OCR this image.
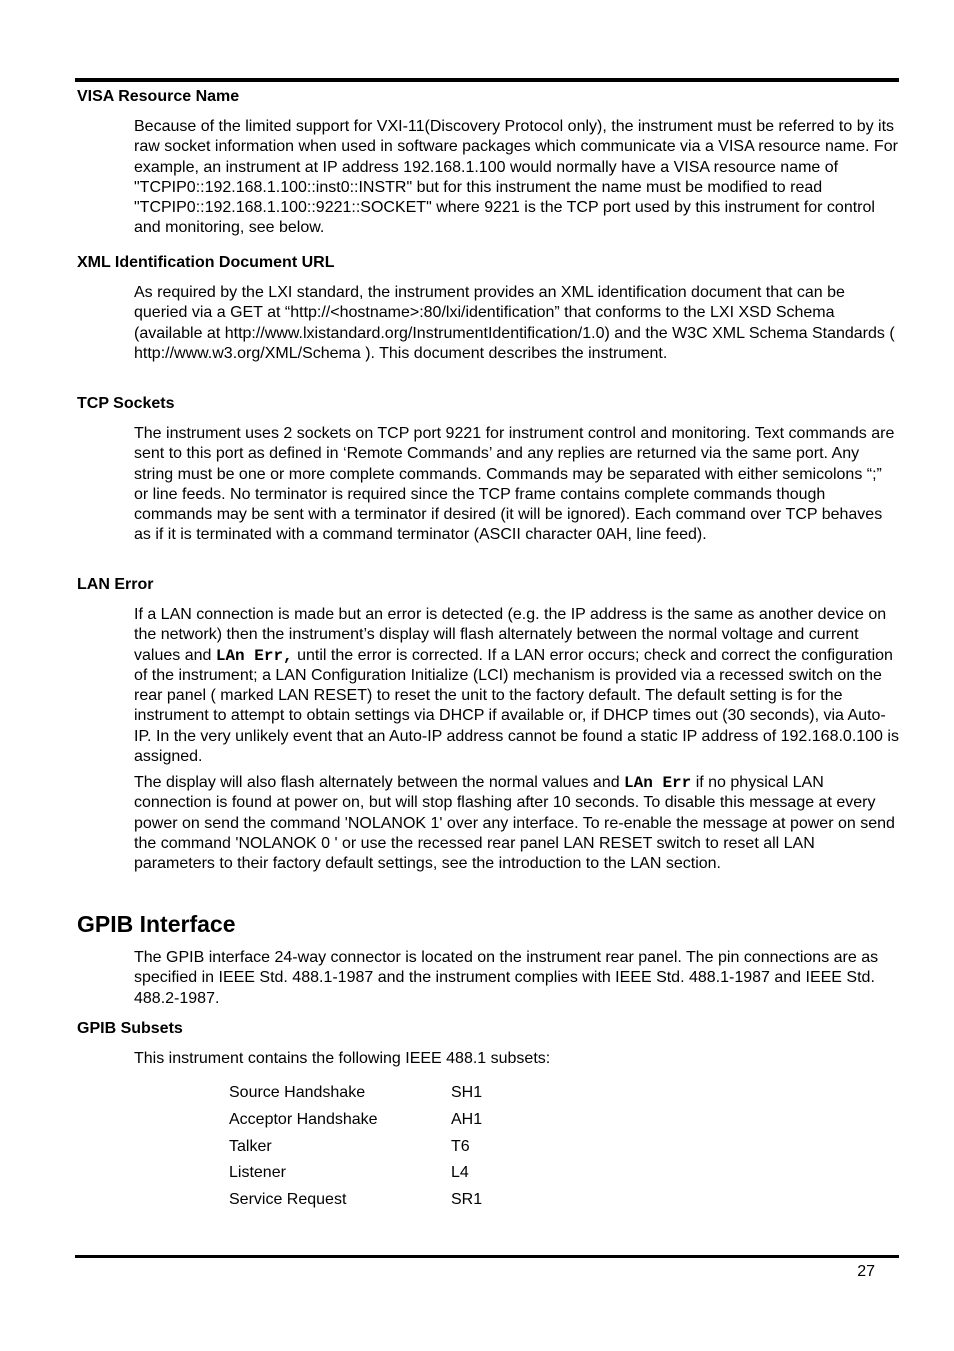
VISA Resource Name

Because of the limited support for VXI-11(Discovery Protocol only), the instrument must be referred to by its raw socket information when used in software packages which communicate via a VISA resource name. For example, an instrument at IP address 192.168.1.100 would normally have a VISA resource name of "TCPIP0::192.168.1.100::inst0::INSTR" but for this instrument the name must be modified to read "TCPIP0::192.168.1.100::9221::SOCKET" where 9221 is the TCP port used by this instrument for control and monitoring, see below.

XML Identification Document URL

As required by the LXI standard, the instrument provides an XML identification document that can be queried via a GET at “http://<hostname>:80/lxi/identification” that conforms to the LXI XSD Schema (available at http://www.lxistandard.org/InstrumentIdentification/1.0) and the W3C XML Schema Standards ( http://www.w3.org/XML/Schema ). This document describes the instrument.

TCP Sockets

The instrument uses 2 sockets on TCP port 9221 for instrument control and monitoring. Text commands are sent to this port as defined in ‘Remote Commands’ and any replies are returned via the same port. Any string must be one or more complete commands. Commands may be separated with either semicolons “;” or line feeds. No terminator is required since the TCP frame contains complete commands though commands may be sent with a terminator if desired (it will be ignored). Each command over TCP behaves as if it is terminated with a command terminator (ASCII character 0AH, line feed).

LAN Error

If a LAN connection is made but an error is detected (e.g. the IP address is the same as another device on the network) then the instrument’s display will flash alternately between the normal voltage and current values and LAn Err, until the error is corrected. If a LAN error occurs; check and correct the configuration of the instrument; a LAN Configuration Initialize (LCI) mechanism is provided via a recessed switch on the rear panel ( marked LAN RESET) to reset the unit to the factory default. The default setting is for the instrument to attempt to obtain settings via DHCP if available or, if DHCP times out (30 seconds), via Auto-IP. In the very unlikely event that an Auto-IP address cannot be found a static IP address of 192.168.0.100 is assigned.

The display will also flash alternately between the normal values and LAn Err if no physical LAN connection is found at power on, but will stop flashing after 10 seconds. To disable this message at every power on send the command 'NOLANOK 1' over any interface. To re-enable the message at power on send the command 'NOLANOK 0 ' or use the recessed rear panel LAN RESET switch to reset all LAN parameters to their factory default settings, see the introduction to the LAN section.

GPIB Interface

The GPIB interface 24-way connector is located on the instrument rear panel. The pin connections are as specified in IEEE Std. 488.1-1987 and the instrument complies with IEEE Std. 488.1-1987 and IEEE Std. 488.2-1987.

GPIB Subsets

This instrument contains the following IEEE 488.1 subsets:

Source Handshake	SH1
Acceptor Handshake	AH1
Talker	T6
Listener	L4
Service Request	SR1
27
